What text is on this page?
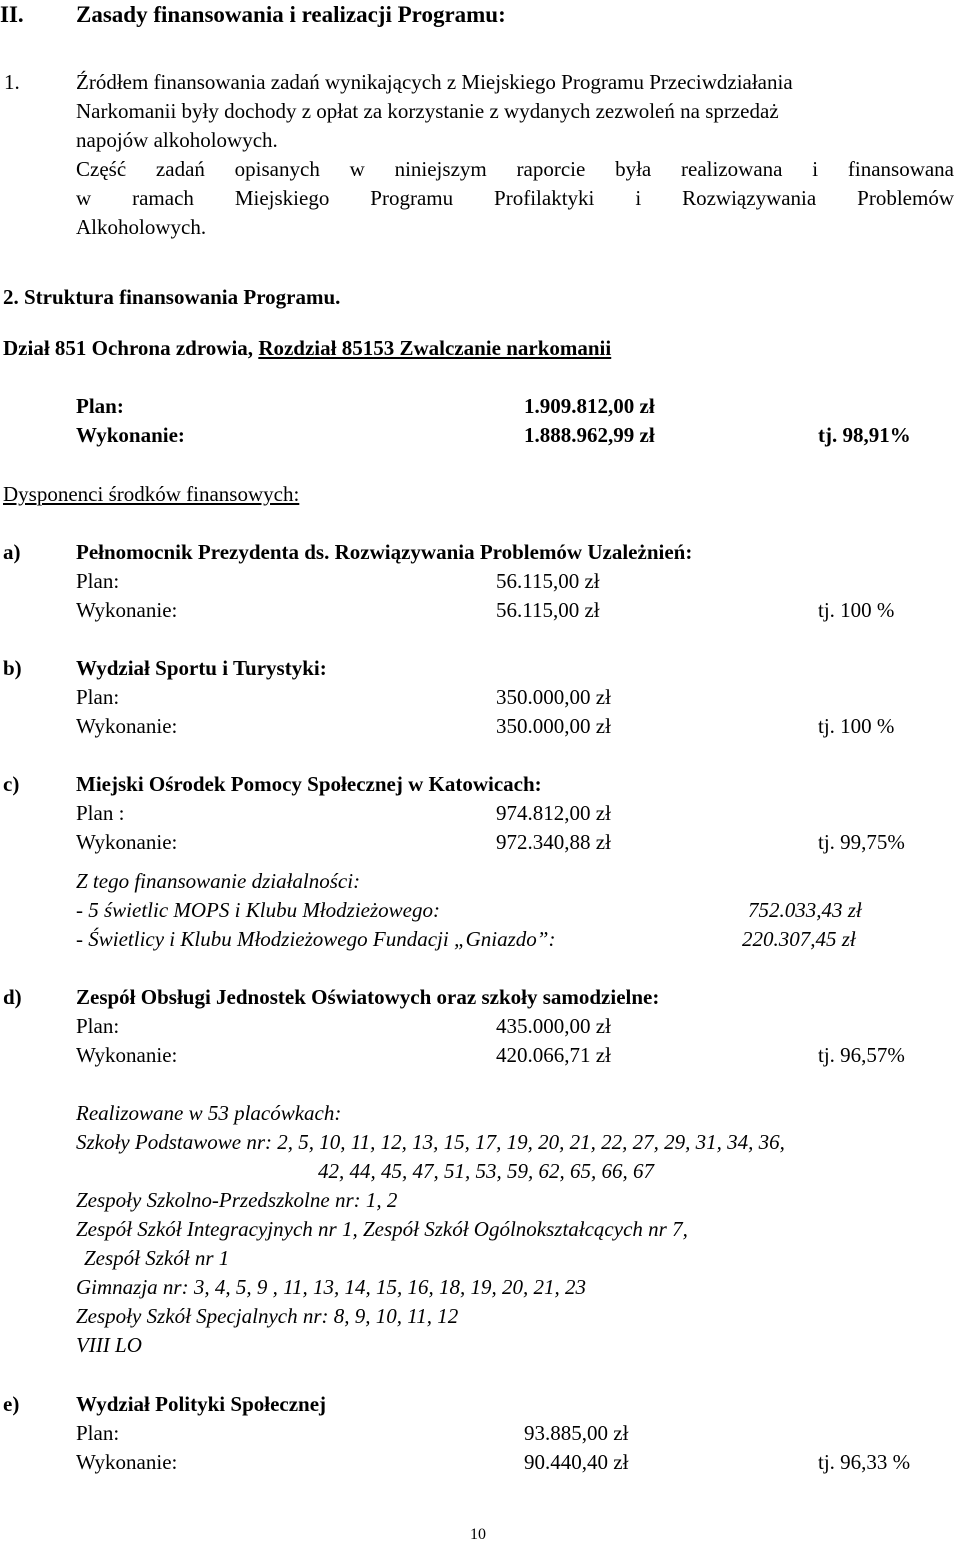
II. Zasady finansowania i realizacji Programu:
1.	Źródłem finansowania zadań wynikających z Miejskiego Programu Przeciwdziałania
Narkomanii były dochody z opłat za korzystanie z wydanych zezwoleń na sprzedaż
napojów alkoholowych.
Część zadań opisanych w niniejszym raporcie była realizowana i finansowana
w ramach Miejskiego Programu Profilaktyki i Rozwiązywania Problemów
Alkoholowych.
2. Struktura finansowania Programu.
Dział 851 Ochrona zdrowia, Rozdział 85153 Zwalczanie narkomanii
Plan:	1.909.812,00 zł
Wykonanie:	1.888.962,99 zł	tj. 98,91%
Dysponenci środków finansowych:
a)	Pełnomocnik Prezydenta ds. Rozwiązywania Problemów Uzależnień:
Plan:	56.115,00 zł
Wykonanie:	56.115,00 zł	tj. 100 %
b)	Wydział Sportu i Turystyki:
Plan:	350.000,00 zł
Wykonanie:	350.000,00 zł	tj. 100 %
c)	Miejski Ośrodek Pomocy Społecznej w Katowicach:
Plan :	974.812,00 zł
Wykonanie:	972.340,88 zł	tj. 99,75%
Z tego finansowanie działalności:
- 5 świetlic MOPS i Klubu Młodzieżowego:	752.033,43 zł
- Świetlicy i Klubu Młodzieżowego Fundacji „Gniazdo”:	220.307,45 zł
d)	Zespół Obsługi Jednostek Oświatowych oraz szkoły samodzielne:
Plan:	435.000,00 zł
Wykonanie:	420.066,71 zł	tj. 96,57%
Realizowane w 53 placówkach:
Szkoły Podstawowe nr: 2, 5, 10, 11, 12, 13, 15, 17, 19, 20, 21, 22, 27, 29, 31, 34, 36,
42, 44, 45, 47, 51, 53, 59, 62, 65, 66, 67
Zespoły Szkolno-Przedszkolne nr: 1, 2
Zespół Szkół Integracyjnych nr 1, Zespół Szkół Ogólnokształcących nr 7,
Zespół Szkół nr 1
Gimnazja nr: 3, 4, 5, 9 , 11, 13, 14, 15, 16, 18, 19, 20, 21, 23
Zespoły Szkół Specjalnych nr: 8, 9, 10, 11, 12
VIII LO
e)	Wydział Polityki Społecznej
Plan:	93.885,00 zł
Wykonanie:	90.440,40 zł	tj. 96,33 %
10
